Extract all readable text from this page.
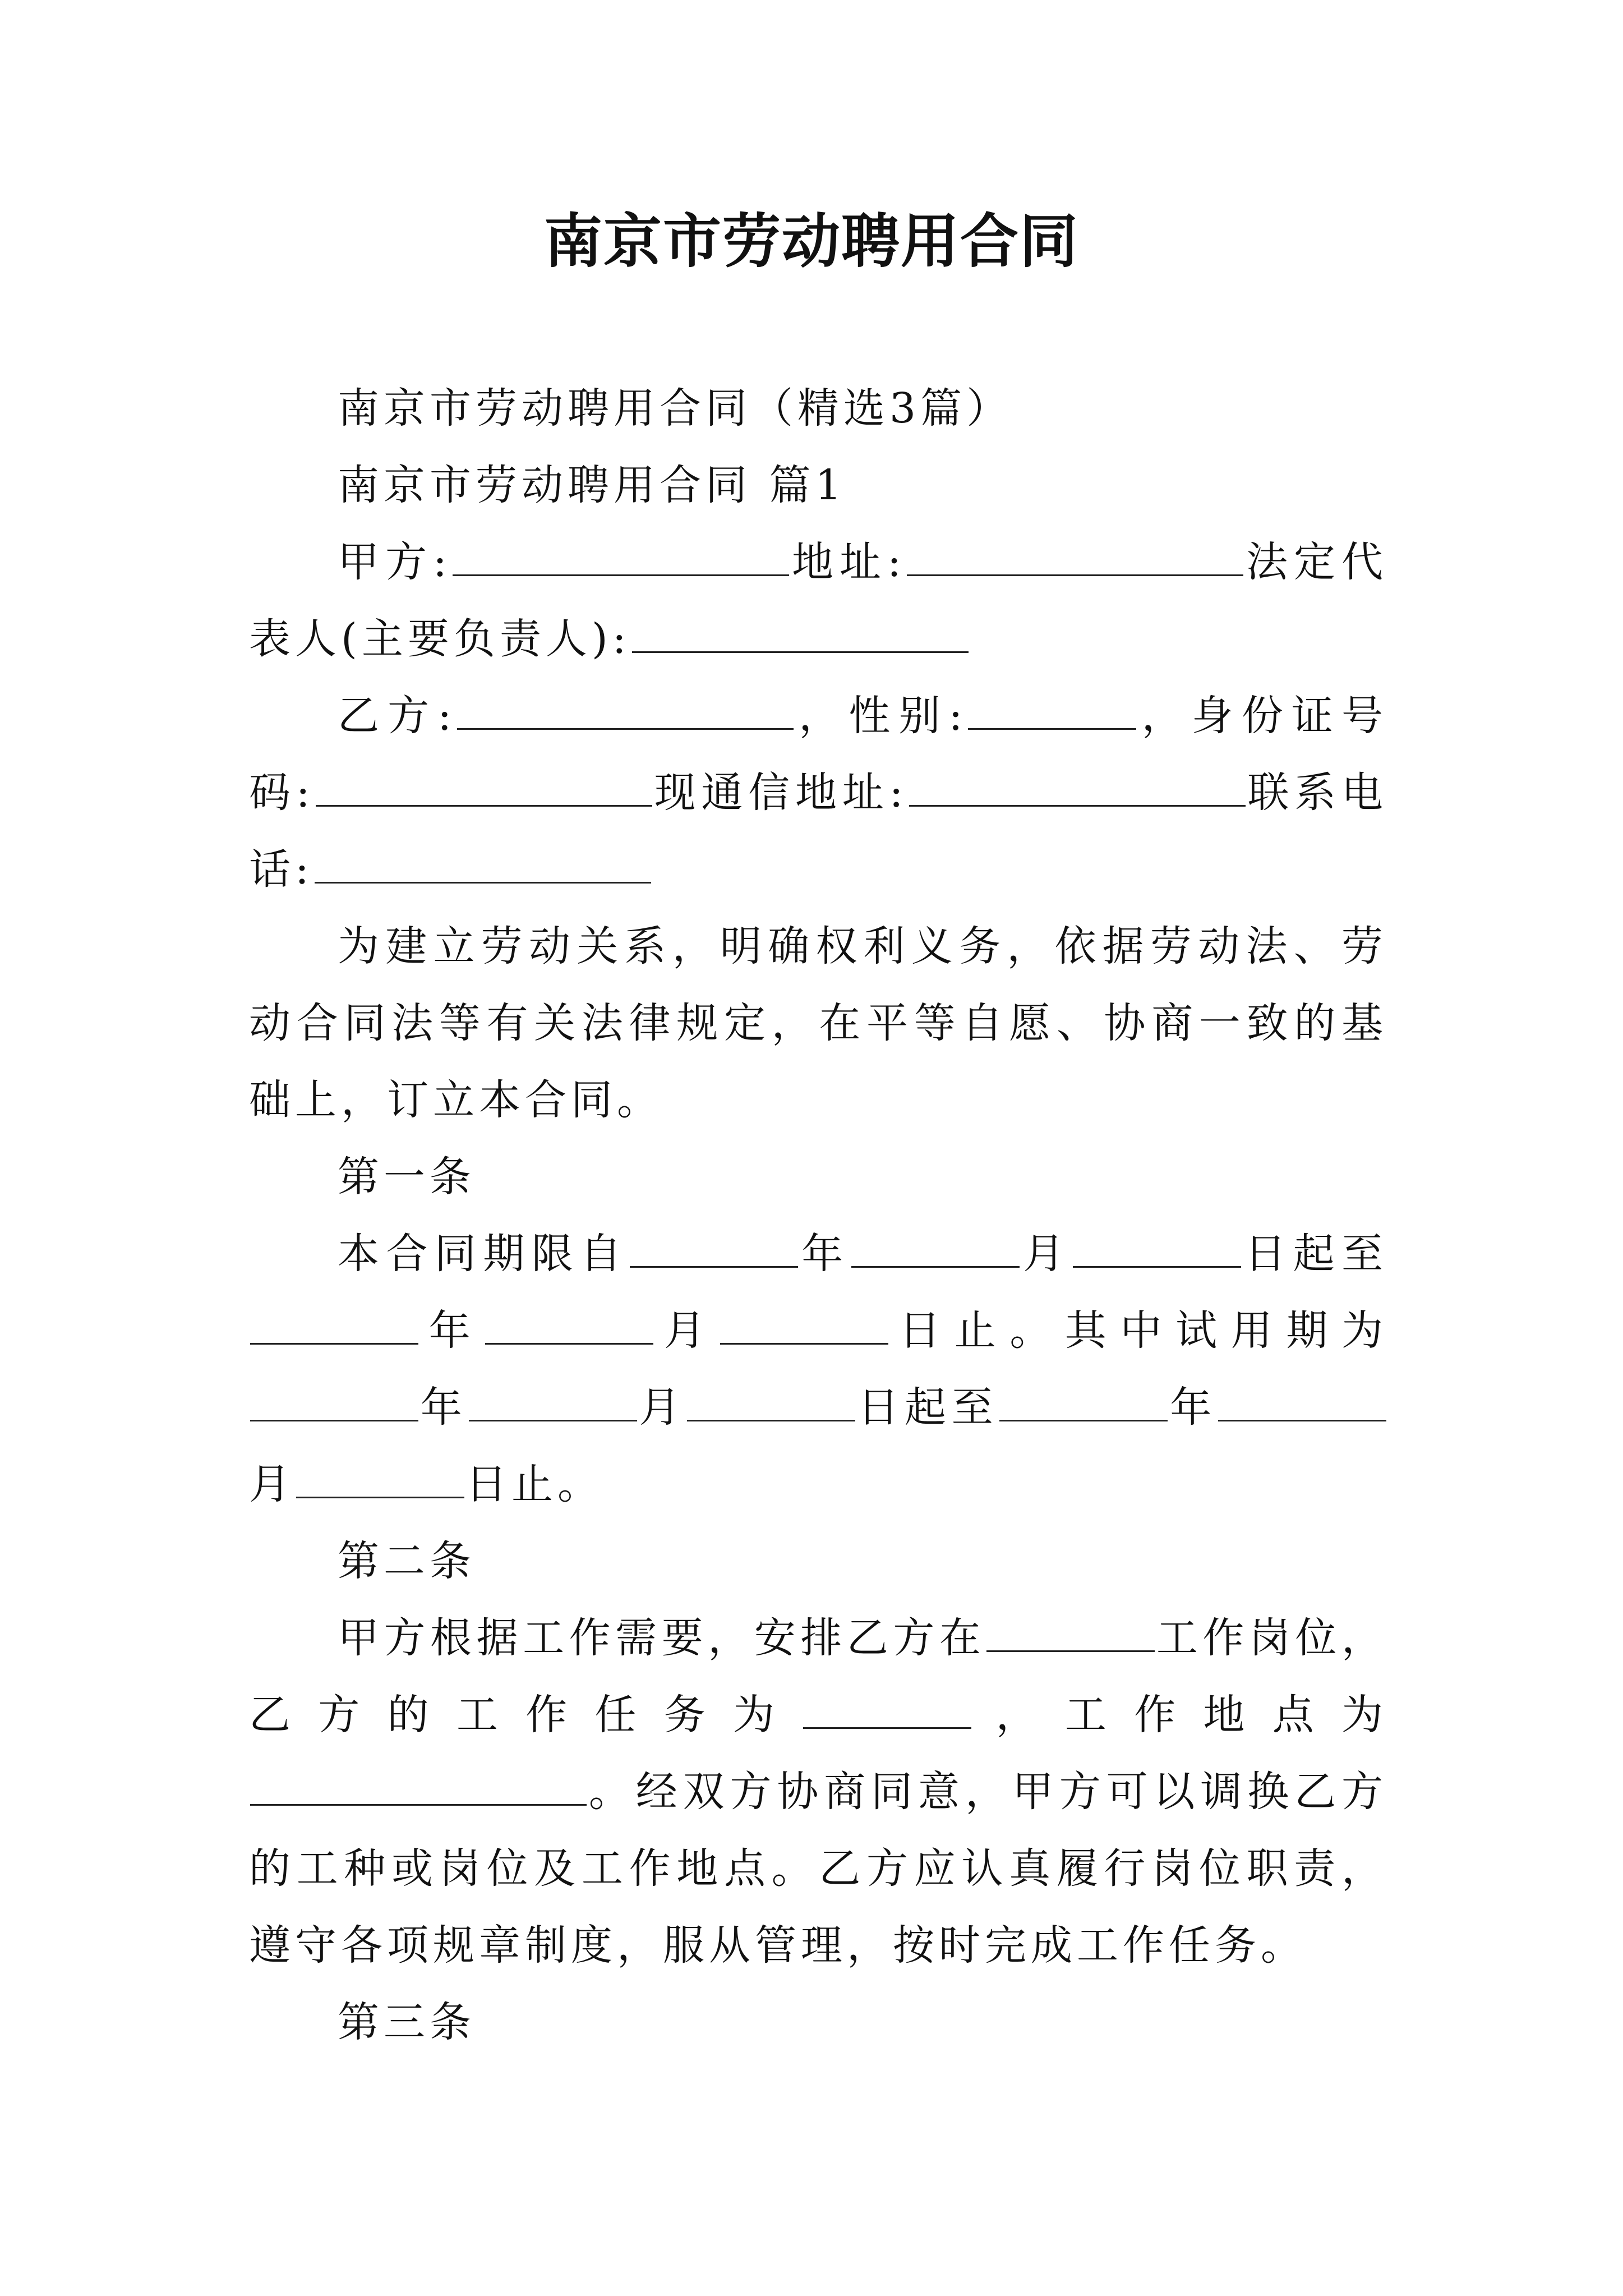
南京市劳动聘用合同

南京市劳动聘用合同（精选3篇）

南京市劳动聘用合同 篇1

甲方:	地址:	法定代表人(主要负责人):

乙方:	，性别:	，身份证号码:	现通信地址:	联系电话:

为建立劳动关系，明确权利义务，依据劳动法、劳动合同法等有关法律规定，在平等自愿、协商一致的基础上，订立本合同。

第一条

本合同期限自	年	月	日起至年	月	日止。其中试用期为年	月	日起至	年月	日止。

第二条

甲方根据工作需要，安排乙方在	工作岗位，乙方的工作任务为	，工作地点为。经双方协商同意，甲方可以调换乙方的工种或岗位及工作地点。乙方应认真履行岗位职责，遵守各项规章制度，服从管理，按时完成工作任务。

第三条
